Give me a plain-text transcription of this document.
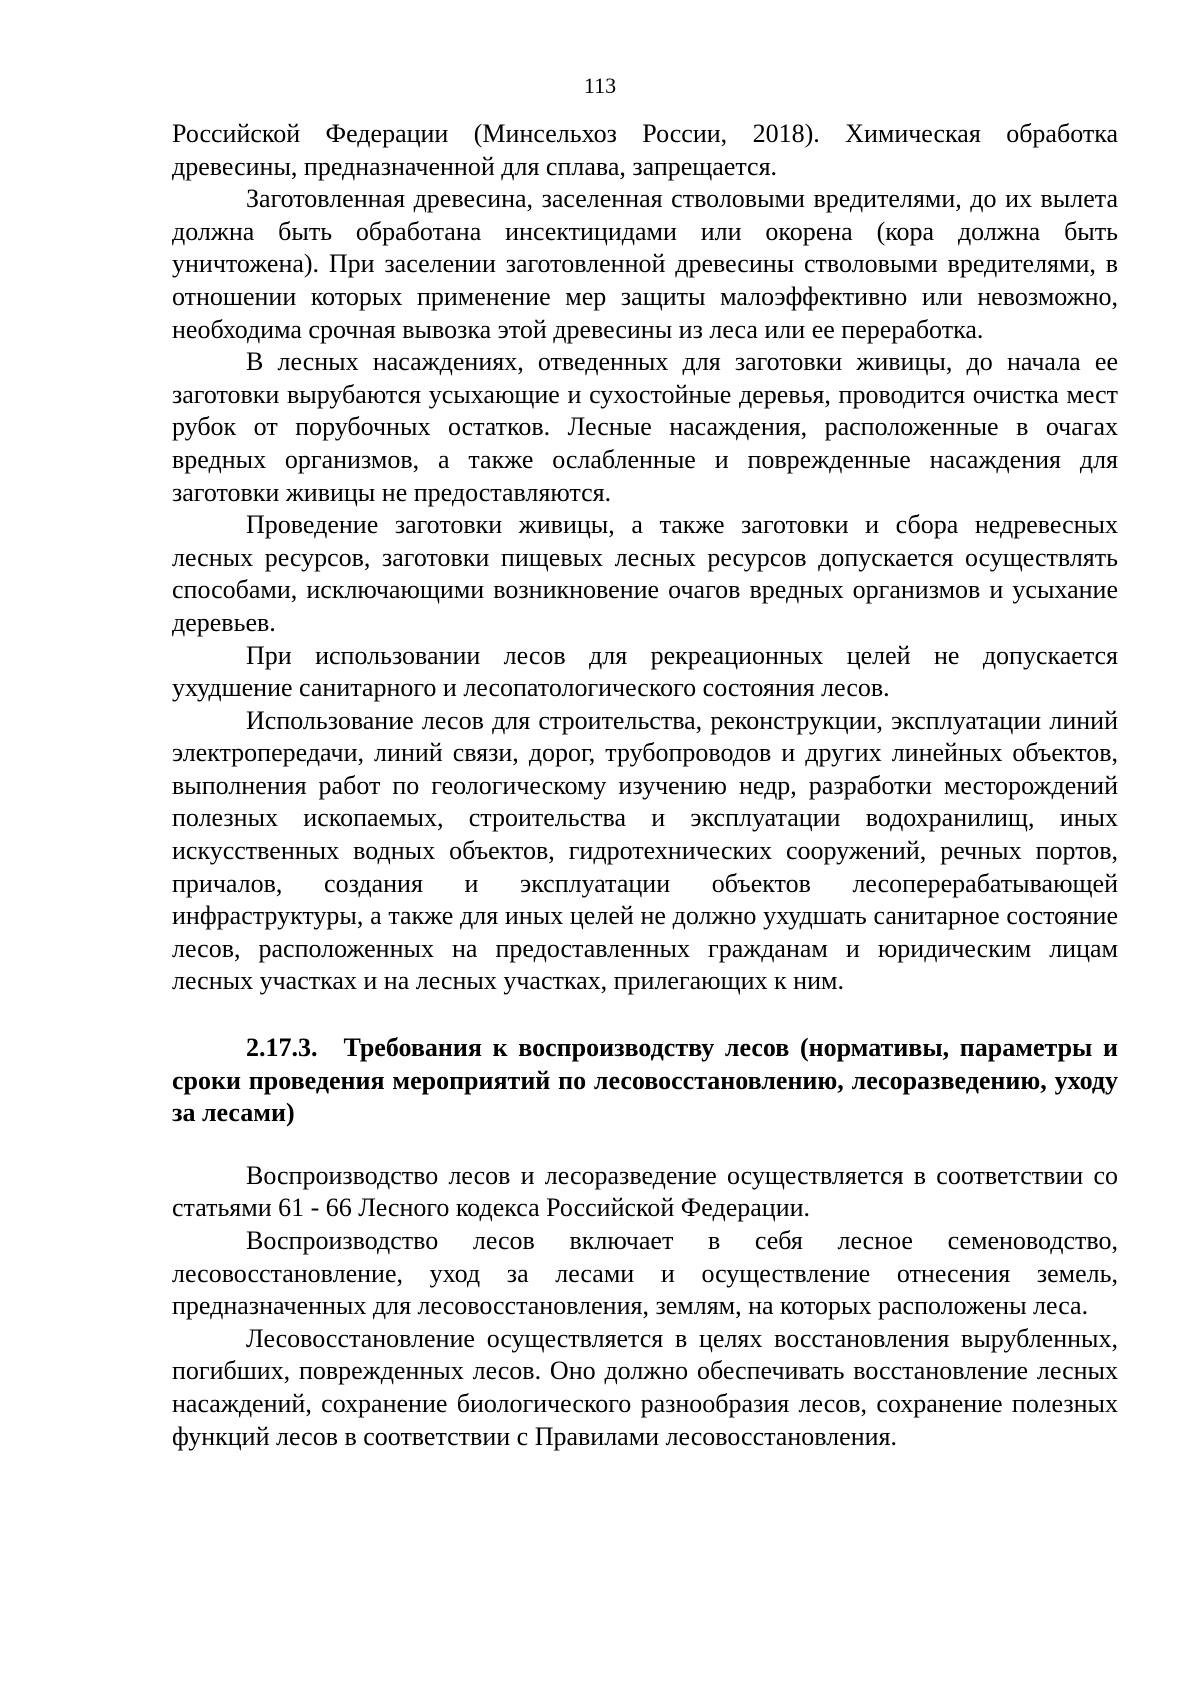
113

Российской Федерации (Минсельхоз России, 2018). Химическая обработка древесины, предназначенной для сплава, запрещается.

Заготовленная древесина, заселенная стволовыми вредителями, до их вылета должна быть обработана инсектицидами или окорена (кора должна быть уничтожена). При заселении заготовленной древесины стволовыми вредителями, в отношении которых применение мер защиты малоэффективно или невозможно, необходима срочная вывозка этой древесины из леса или ее переработка.

В лесных насаждениях, отведенных для заготовки живицы, до начала ее заготовки вырубаются усыхающие и сухостойные деревья, проводится очистка мест рубок от порубочных остатков. Лесные насаждения, расположенные в очагах вредных организмов, а также ослабленные и поврежденные насаждения для заготовки живицы не предоставляются.

Проведение заготовки живицы, а также заготовки и сбора недревесных лесных ресурсов, заготовки пищевых лесных ресурсов допускается осуществлять способами, исключающими возникновение очагов вредных организмов и усыхание деревьев.

При использовании лесов для рекреационных целей не допускается ухудшение санитарного и лесопатологического состояния лесов.

Использование лесов для строительства, реконструкции, эксплуатации линий электропередачи, линий связи, дорог, трубопроводов и других линейных объектов, выполнения работ по геологическому изучению недр, разработки месторождений полезных ископаемых, строительства и эксплуатации водохранилищ, иных искусственных водных объектов, гидротехнических сооружений, речных портов, причалов, создания и эксплуатации объектов лесоперерабатывающей инфраструктуры, а также для иных целей не должно ухудшать санитарное состояние лесов, расположенных на предоставленных гражданам и юридическим лицам лесных участках и на лесных участках, прилегающих к ним.

2.17.3. Требования к воспроизводству лесов (нормативы, параметры и сроки проведения мероприятий по лесовосстановлению, лесоразведению, уходу за лесами)

Воспроизводство лесов и лесоразведение осуществляется в соответствии со статьями 61 - 66 Лесного кодекса Российской Федерации.

Воспроизводство лесов включает в себя лесное семеноводство, лесовосстановление, уход за лесами и осуществление отнесения земель, предназначенных для лесовосстановления, землям, на которых расположены леса.

Лесовосстановление осуществляется в целях восстановления вырубленных, погибших, поврежденных лесов. Оно должно обеспечивать восстановление лесных насаждений, сохранение биологического разнообразия лесов, сохранение полезных функций лесов в соответствии с Правилами лесовосстановления.
